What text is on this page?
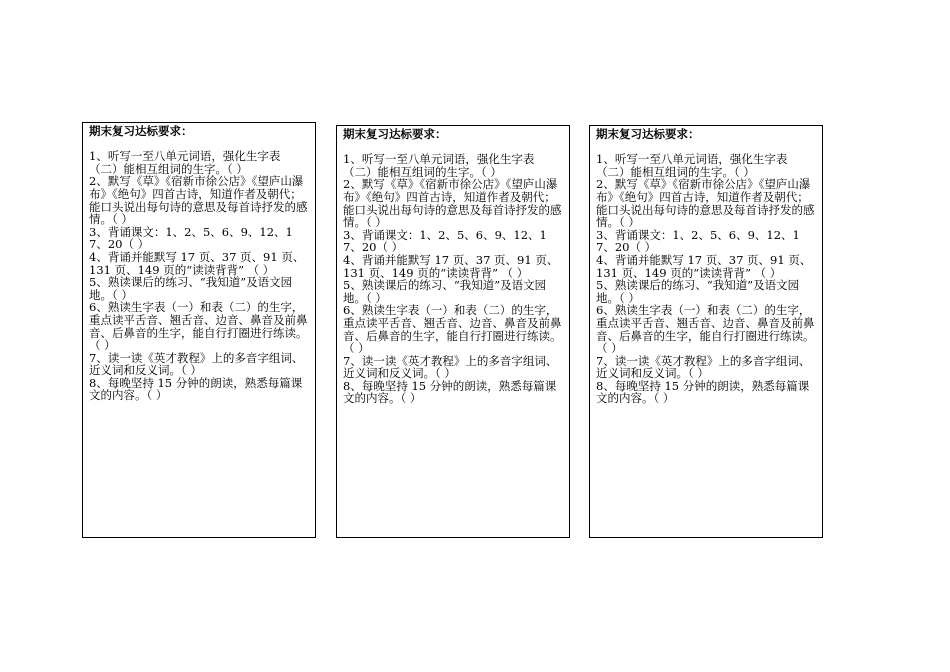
期末复习达标要求：

1、听写一至八单元词语，强化生字表（二）能相互组词的生字。（ ）

2、默写《草》《宿新市徐公店》《望庐山瀑布》《绝句》四首古诗，知道作者及朝代；能口头说出每句诗的意思及每首诗抒发的感情。（ ）

3、背诵课文：1、2、5、6、9、12、17、20（ ）

4、背诵并能默写 17 页、37 页、91 页、131 页、149 页的“读读背背” （ ）

5、熟读课后的练习、“我知道”及语文园地。（ ）

6、熟读生字表（一）和表（二）的生字，重点读平舌音、翘舌音、边音、鼻音及前鼻音、后鼻音的生字，能自行打圈进行练读。（ ）

7、读一读《英才教程》上的多音字组词、近义词和反义词。（ ）

8、每晚坚持 15 分钟的朗读，熟悉每篇课文的内容。（ ）

期末复习达标要求：

1、听写一至八单元词语，强化生字表（二）能相互组词的生字。（ ）

2、默写《草》《宿新市徐公店》《望庐山瀑布》《绝句》四首古诗，知道作者及朝代；能口头说出每句诗的意思及每首诗抒发的感情。（ ）

3、背诵课文：1、2、5、6、9、12、17、20（ ）

4、背诵并能默写 17 页、37 页、91 页、131 页、149 页的“读读背背” （ ）

5、熟读课后的练习、“我知道”及语文园地。（ ）

6、熟读生字表（一）和表（二）的生字，重点读平舌音、翘舌音、边音、鼻音及前鼻音、后鼻音的生字，能自行打圈进行练读。（ ）

7、读一读《英才教程》上的多音字组词、近义词和反义词。（ ）

8、每晚坚持 15 分钟的朗读，熟悉每篇课文的内容。（ ）

期末复习达标要求：

1、听写一至八单元词语，强化生字表（二）能相互组词的生字。（ ）

2、默写《草》《宿新市徐公店》《望庐山瀑布》《绝句》四首古诗，知道作者及朝代；能口头说出每句诗的意思及每首诗抒发的感情。（ ）

3、背诵课文：1、2、5、6、9、12、17、20（ ）

4、背诵并能默写 17 页、37 页、91 页、131 页、149 页的“读读背背” （ ）

5、熟读课后的练习、“我知道”及语文园地。（ ）

6、熟读生字表（一）和表（二）的生字，重点读平舌音、翘舌音、边音、鼻音及前鼻音、后鼻音的生字，能自行打圈进行练读。（ ）

7、读一读《英才教程》上的多音字组词、近义词和反义词。（ ）

8、每晚坚持 15 分钟的朗读，熟悉每篇课文的内容。（ ）
